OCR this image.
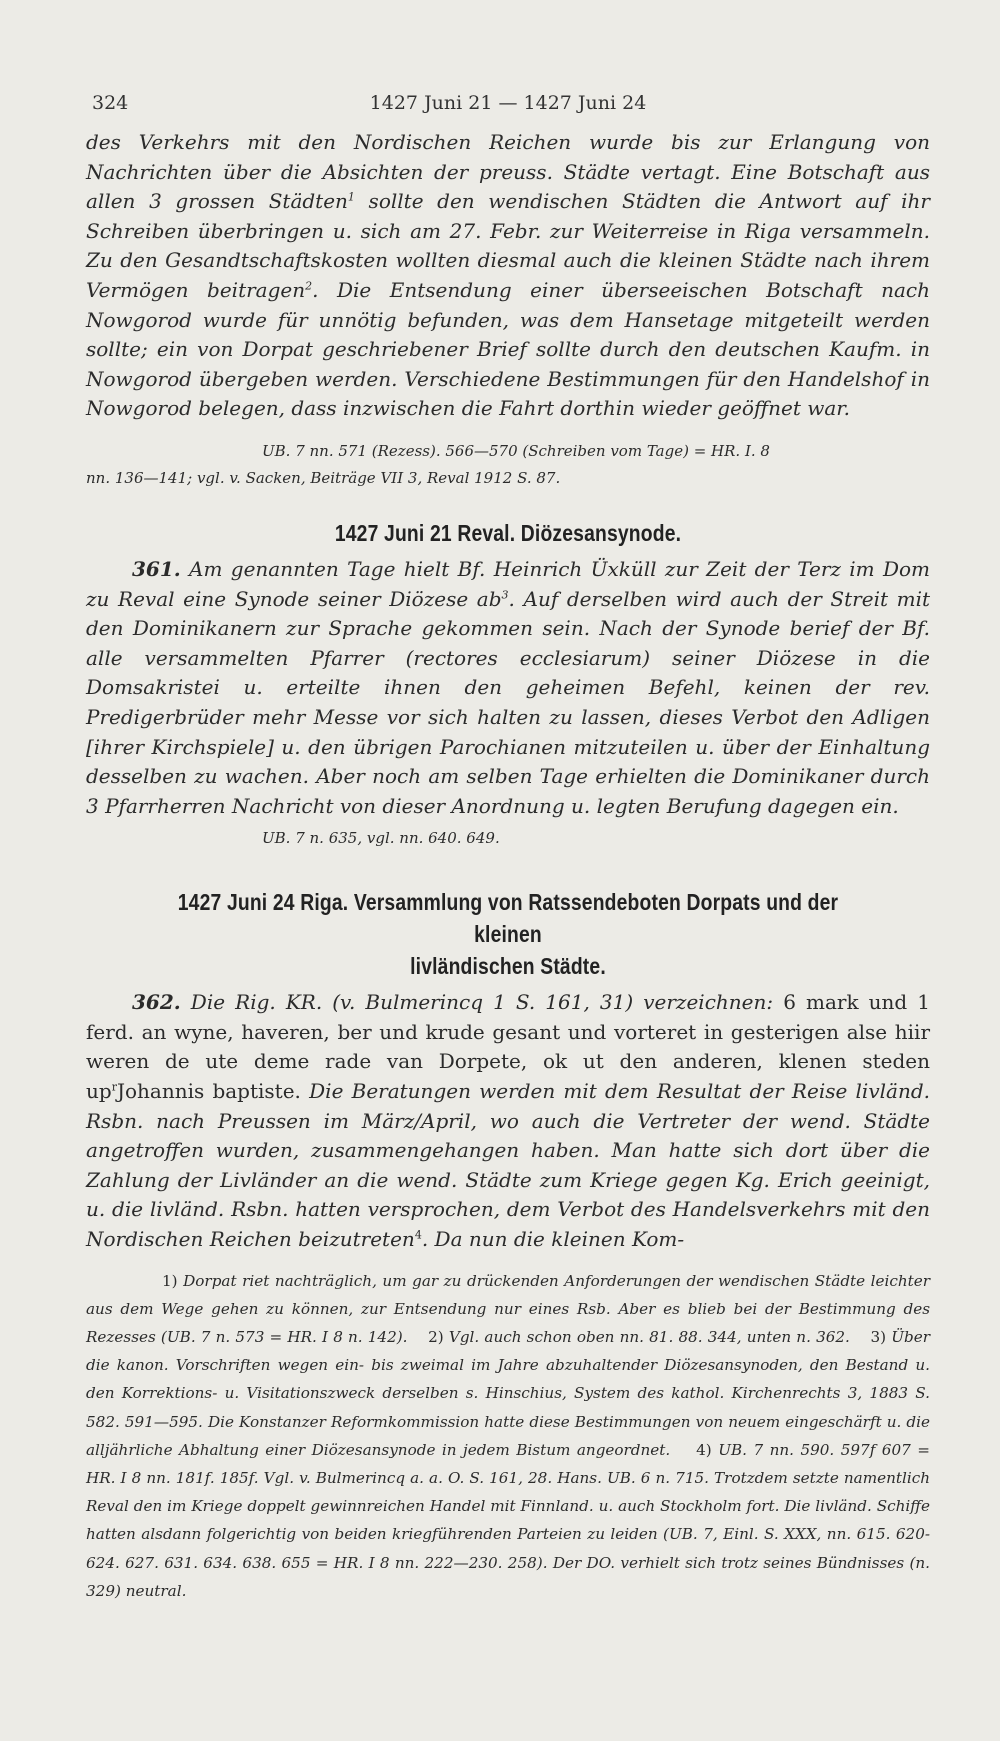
324	1427 Juni 21 — 1427 Juni 24

des Verkehrs mit den Nordischen Reichen wurde bis zur Erlangung von Nachrichten über die Absichten der preuss. Städte vertagt. Eine Botschaft aus allen 3 grossen Städten$^1$ sollte den wendischen Städten die Antwort auf ihr Schreiben überbringen u. sich am 27. Febr. zur Weiterreise in Riga versammeln. Zu den Gesandtschaftskosten wollten diesmal auch die kleinen Städte nach ihrem Vermögen beitragen$^2$. Die Entsendung einer überseeischen Botschaft nach Nowgorod wurde für unnötig befunden, was dem Hansetage mitgeteilt werden sollte; ein von Dorpat geschriebener Brief sollte durch den deutschen Kaufm. in Nowgorod übergeben werden. Verschiedene Bestimmungen für den Handelshof in Nowgorod belegen, dass inzwischen die Fahrt dorthin wieder geöffnet war.

UB. 7 nn. 571 (Rezess). 566—570 (Schreiben vom Tage) = HR. I. 8
nn. 136—141; vgl. v. Sacken, Beiträge VII 3, Reval 1912 S. 87.
1427 Juni 21 Reval. Diözesansynode.

361. Am genannten Tage hielt Bf. Heinrich Üxküll zur Zeit der Terz im Dom zu Reval eine Synode seiner Diözese $ab^3$. Auf derselben wird auch der Streit mit den Dominikanern zur Sprache gekommen sein. Nach der Synode berief der Bf. alle versammelten Pfarrer (rectores ecclesiarum) seiner Diözese in die Domsakristei u. erteilte ihnen den geheimen Befehl, keinen der rev. Predigerbrüder mehr Messe vor sich halten zu lassen, dieses Verbot den Adligen [ihrer Kirchspiele] u. den übrigen Parochianen mitzuteilen u. über der Einhaltung desselben zu wachen. Aber noch am selben Tage erhielten die Dominikaner durch 3 Pfarrherren Nachricht von dieser Anordnung u. legten Berufung dagegen ein.

UB. 7 n. 635, vgl. nn. 640. 649.
1427 Juni 24 Riga. Versammlung von Ratssendeboten Dorpats und der kleinen
livländischen Städte.

362. Die Rig. KR. (v. Bulmerincq 1 S. 161, 31) verzeichnen: 6 mark und 1 ferd. an wyne, haveren, ber und krude gesant und vorteret in gesterigen alse hiir weren de ute deme rade van Dorpete, ok ut den anderen, klenen steden $up^rJohannis$ baptiste. Die Beratungen werden mit dem Resultat der Reise livländ. Rsbn. nach Preussen im März/April, wo auch die Vertreter der wend. Städte angetroffen wurden, zusammengehangen haben. Man hatte sich dort über die Zahlung der Livländer an die wend. Städte zum Kriege gegen Kg. Erich geeinigt, u. die livländ. Rsbn. hatten versprochen, dem Verbot des Handelsverkehrs mit den Nordischen Reichen beizutreten$^4$. Da nun die kleinen Kom-

1) Dorpat riet nachträglich, um gar zu drückenden Anforderungen der wendischen Städte leichter aus dem Wege gehen zu können, zur Entsendung nur eines Rsb. Aber es blieb bei der Bestimmung des Rezesses (UB. 7 n. 573 = HR. I 8 n. 142). 2) Vgl. auch schon oben nn. 81. 88. 344, unten n. 362. 3) Über die kanon. Vorschriften wegen ein- bis zweimal im Jahre abzuhaltender Diözesansynoden, den Bestand u. den Korrektions- u. Visitationszweck derselben s. Hinschius, System des kathol. Kirchenrechts 3, 1883 S. 582. 591—595. Die Konstanzer Reformkommission hatte diese Bestimmungen von neuem eingeschärft u. die alljährliche Abhaltung einer Diözesansynode in jedem Bistum angeordnet. 4) UB. 7 nn. 590. 597f 607 = HR. I 8 nn. 181f. 185f. Vgl. v. Bulmerincq a. a. O. S. 161, 28. Hans. UB. 6 n. 715. Trotzdem setzte namentlich Reval den im Kriege doppelt gewinnreichen Handel mit Finnland. u. auch Stockholm fort. Die livländ. Schiffe hatten alsdann folgerichtig von beiden kriegführenden Parteien zu leiden (UB. 7, Einl. S. XXX, nn. 615. 620-624. 627. 631. 634. 638. 655 = HR. I 8 nn. 222—230. 258). Der DO. verhielt sich trotz seines Bündnisses (n. 329) neutral.
